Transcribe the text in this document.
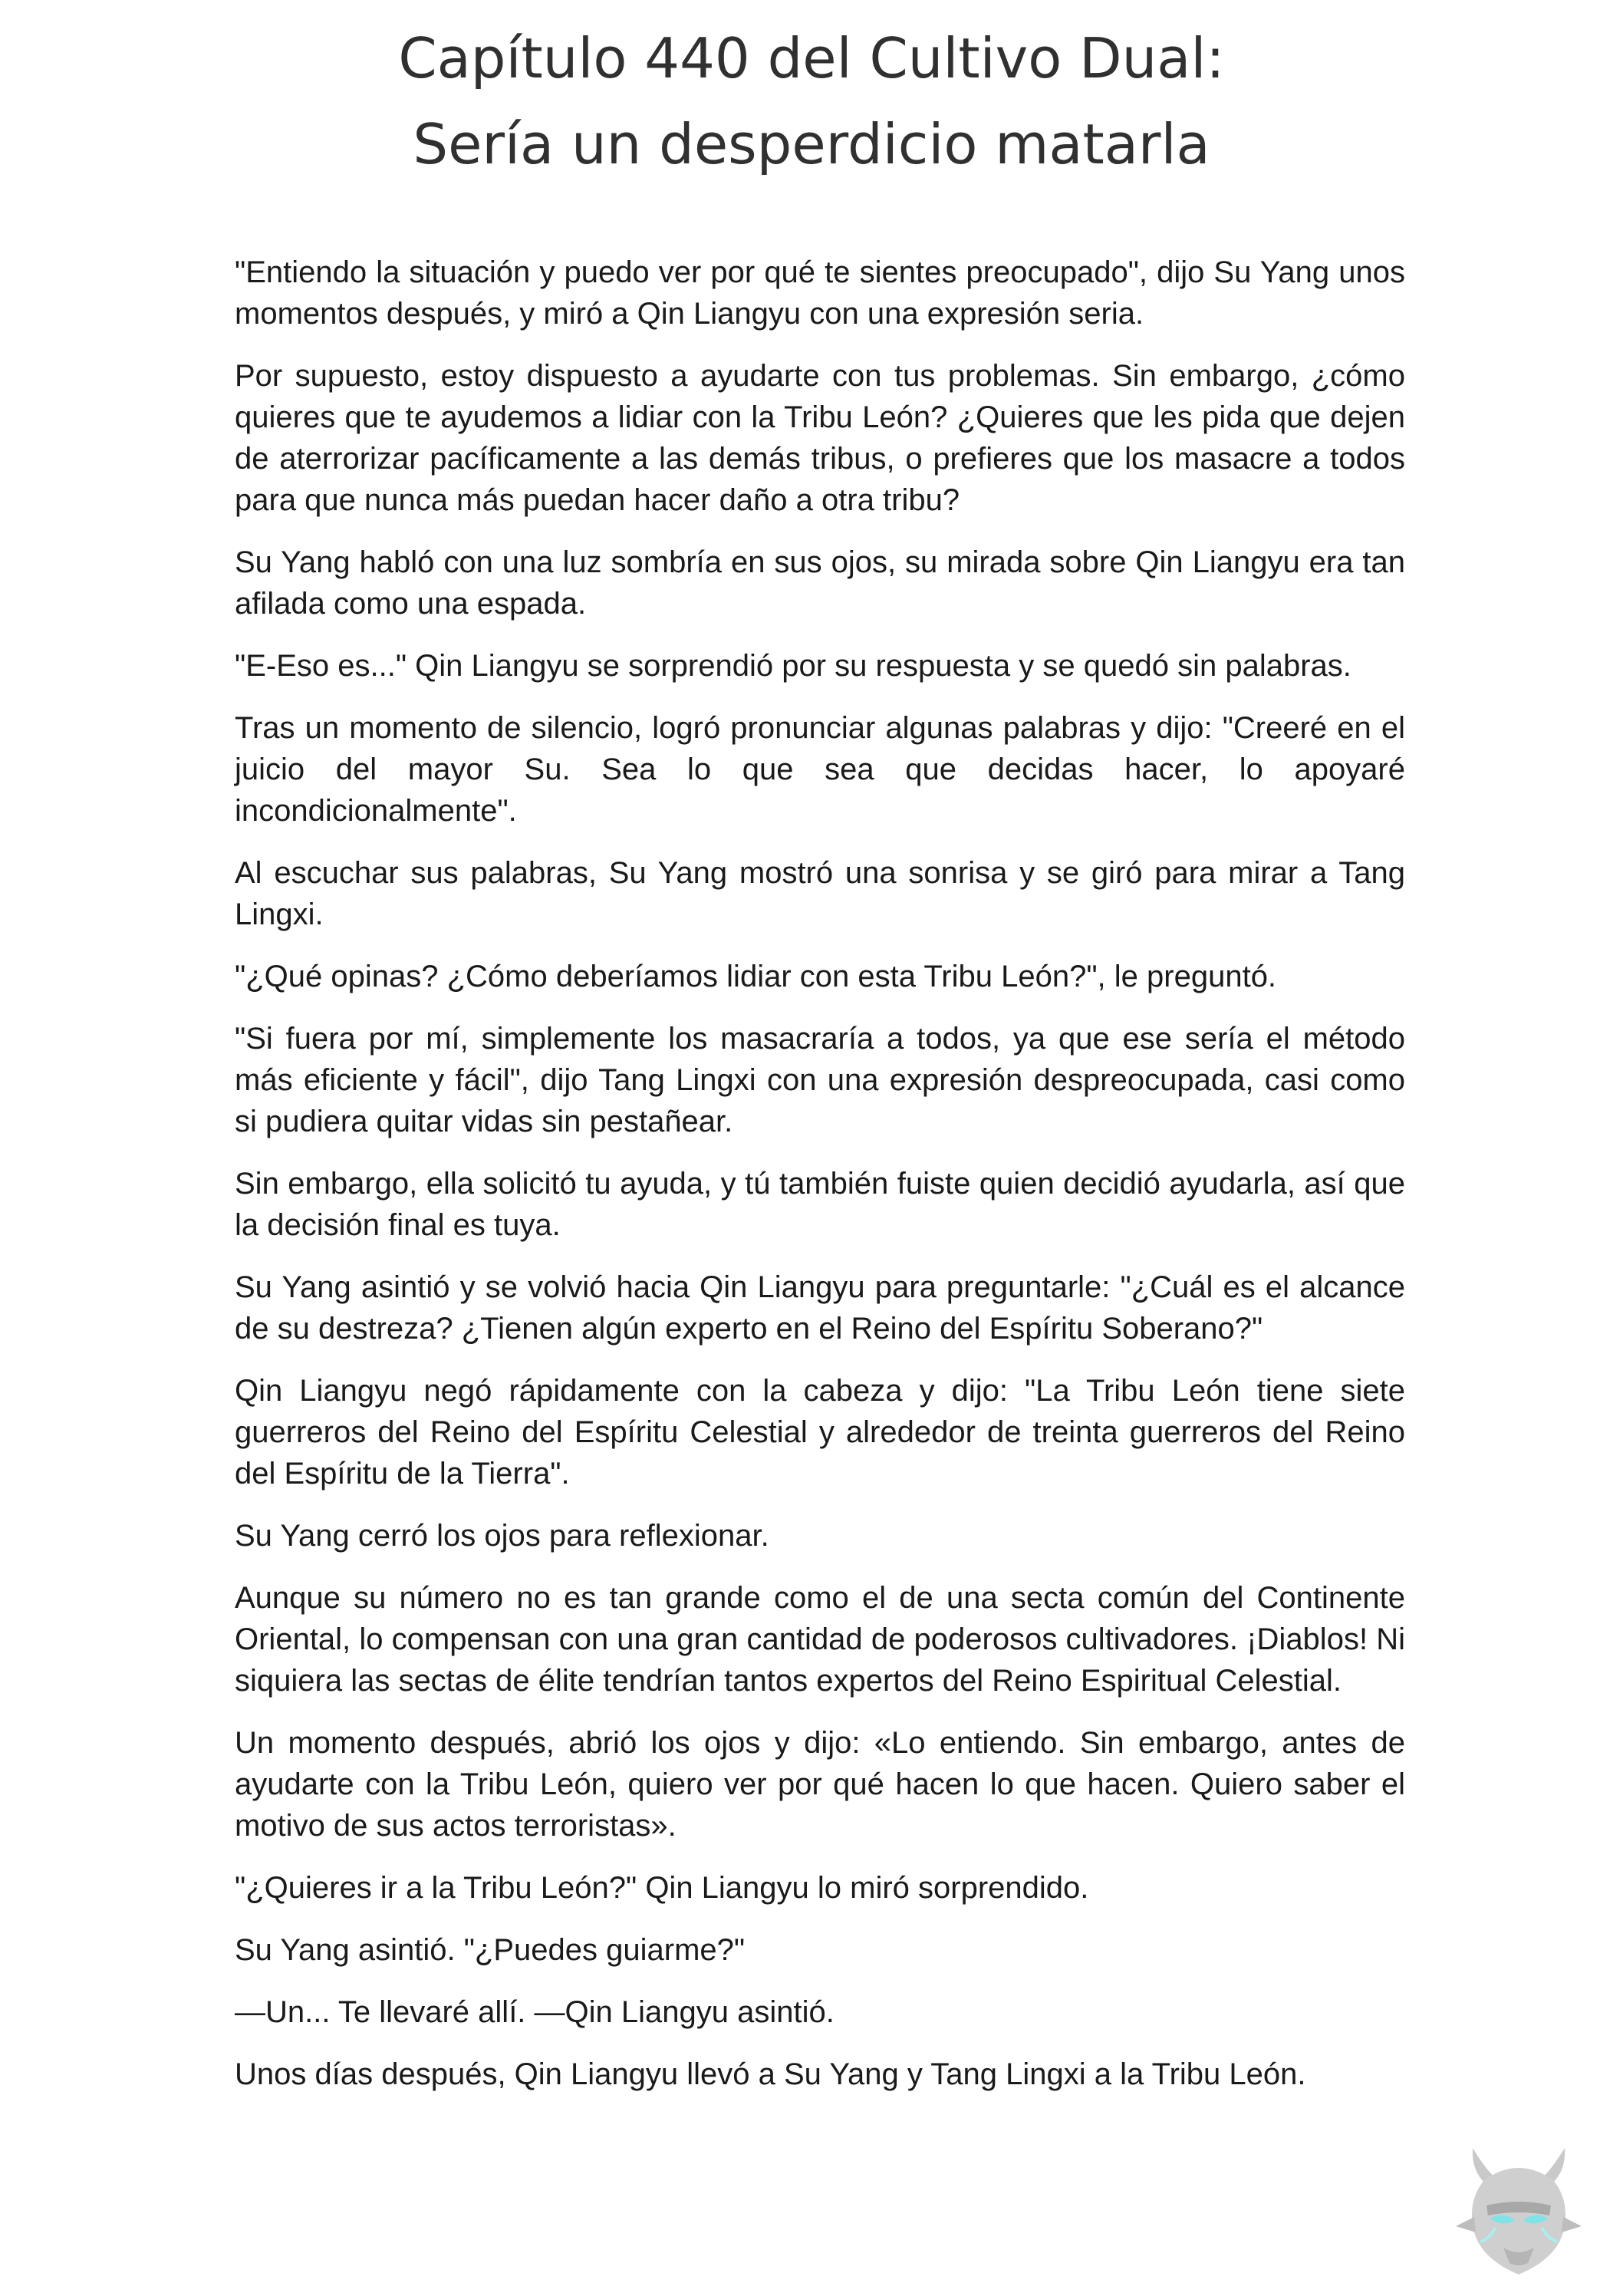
Capítulo 440 del Cultivo Dual:
Sería un desperdicio matarla

"Entiendo la situación y puedo ver por qué te sientes preocupado", dijo Su Yang unos momentos después, y miró a Qin Liangyu con una expresión seria.

Por supuesto, estoy dispuesto a ayudarte con tus problemas. Sin embargo, ¿cómo quieres que te ayudemos a lidiar con la Tribu León? ¿Quieres que les pida que dejen de aterrorizar pacíficamente a las demás tribus, o prefieres que los masacre a todos para que nunca más puedan hacer daño a otra tribu?

Su Yang habló con una luz sombría en sus ojos, su mirada sobre Qin Liangyu era tan afilada como una espada.

"E-Eso es..." Qin Liangyu se sorprendió por su respuesta y se quedó sin palabras.

Tras un momento de silencio, logró pronunciar algunas palabras y dijo: "Creeré en el juicio del mayor Su. Sea lo que sea que decidas hacer, lo apoyaré incondicionalmente".

Al escuchar sus palabras, Su Yang mostró una sonrisa y se giró para mirar a Tang Lingxi.

"¿Qué opinas? ¿Cómo deberíamos lidiar con esta Tribu León?", le preguntó.

"Si fuera por mí, simplemente los masacraría a todos, ya que ese sería el método más eficiente y fácil", dijo Tang Lingxi con una expresión despreocupada, casi como si pudiera quitar vidas sin pestañear.

Sin embargo, ella solicitó tu ayuda, y tú también fuiste quien decidió ayudarla, así que la decisión final es tuya.

Su Yang asintió y se volvió hacia Qin Liangyu para preguntarle: "¿Cuál es el alcance de su destreza? ¿Tienen algún experto en el Reino del Espíritu Soberano?"

Qin Liangyu negó rápidamente con la cabeza y dijo: "La Tribu León tiene siete guerreros del Reino del Espíritu Celestial y alrededor de treinta guerreros del Reino del Espíritu de la Tierra".

Su Yang cerró los ojos para reflexionar.

Aunque su número no es tan grande como el de una secta común del Continente Oriental, lo compensan con una gran cantidad de poderosos cultivadores. ¡Diablos! Ni siquiera las sectas de élite tendrían tantos expertos del Reino Espiritual Celestial.

Un momento después, abrió los ojos y dijo: «Lo entiendo. Sin embargo, antes de ayudarte con la Tribu León, quiero ver por qué hacen lo que hacen. Quiero saber el motivo de sus actos terroristas».

"¿Quieres ir a la Tribu León?" Qin Liangyu lo miró sorprendido.

Su Yang asintió. "¿Puedes guiarme?"

—Un... Te llevaré allí. —Qin Liangyu asintió.

Unos días después, Qin Liangyu llevó a Su Yang y Tang Lingxi a la Tribu León.
